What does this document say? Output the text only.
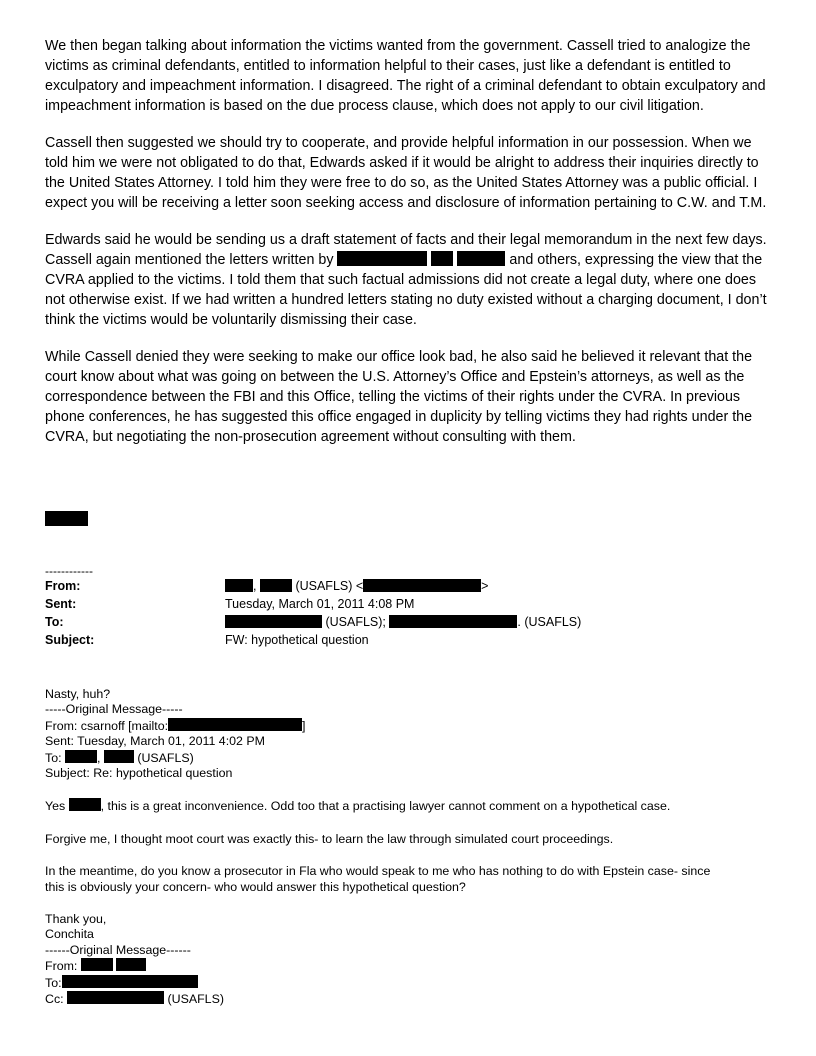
We then began talking about information the victims wanted from the government. Cassell tried to analogize the victims as criminal defendants, entitled to information helpful to their cases, just like a defendant is entitled to exculpatory and impeachment information. I disagreed. The right of a criminal defendant to obtain exculpatory and impeachment information is based on the due process clause, which does not apply to our civil litigation.

Cassell then suggested we should try to cooperate, and provide helpful information in our possession. When we told him we were not obligated to do that, Edwards asked if it would be alright to address their inquiries directly to the United States Attorney. I told him they were free to do so, as the United States Attorney was a public official. I expect you will be receiving a letter soon seeking access and disclosure of information pertaining to C.W. and T.M.

Edwards said he would be sending us a draft statement of facts and their legal memorandum in the next few days. Cassell again mentioned the letters written by	and others, expressing the view that the CVRA applied to the victims. I told them that such factual admissions did not create a legal duty, where one does not otherwise exist. If we had written a hundred letters stating no duty existed without a charging document, I don’t think the victims would be voluntarily dismissing their case.

While Cassell denied they were seeking to make our office look bad, he also said he believed it relevant that the court know about what was going on between the U.S. Attorney’s Office and Epstein’s attorneys, as well as the correspondence between the FBI and this Office, telling the victims of their rights under the CVRA. In previous phone conferences, he has suggested this office engaged in duplicity by telling victims they had rights under the CVRA, but negotiating the non-prosecution agreement without consulting with them.

------------
From:	,	(USAFLS) <	>
Sent:	Tuesday, March 01, 2011 4:08 PM
To:	(USAFLS);	. (USAFLS)
Subject:	FW: hypothetical question
Nasty, huh?
-----Original Message-----
From: csarnoff [mailto:	]
Sent: Tuesday, March 01, 2011 4:02 PM
To:	,	(USAFLS)
Subject: Re: hypothetical question
Yes	, this is a great inconvenience. Odd too that a practising lawyer cannot comment on a hypothetical case.
Forgive me, I thought moot court was exactly this- to learn the law through simulated court proceedings.
In the meantime, do you know a prosecutor in Fla who would speak to me who has nothing to do with Epstein case- since
this is obviously your concern- who would answer this hypothetical question?
Thank you,
Conchita
------Original Message------
From:
To:
Cc:	(USAFLS)
